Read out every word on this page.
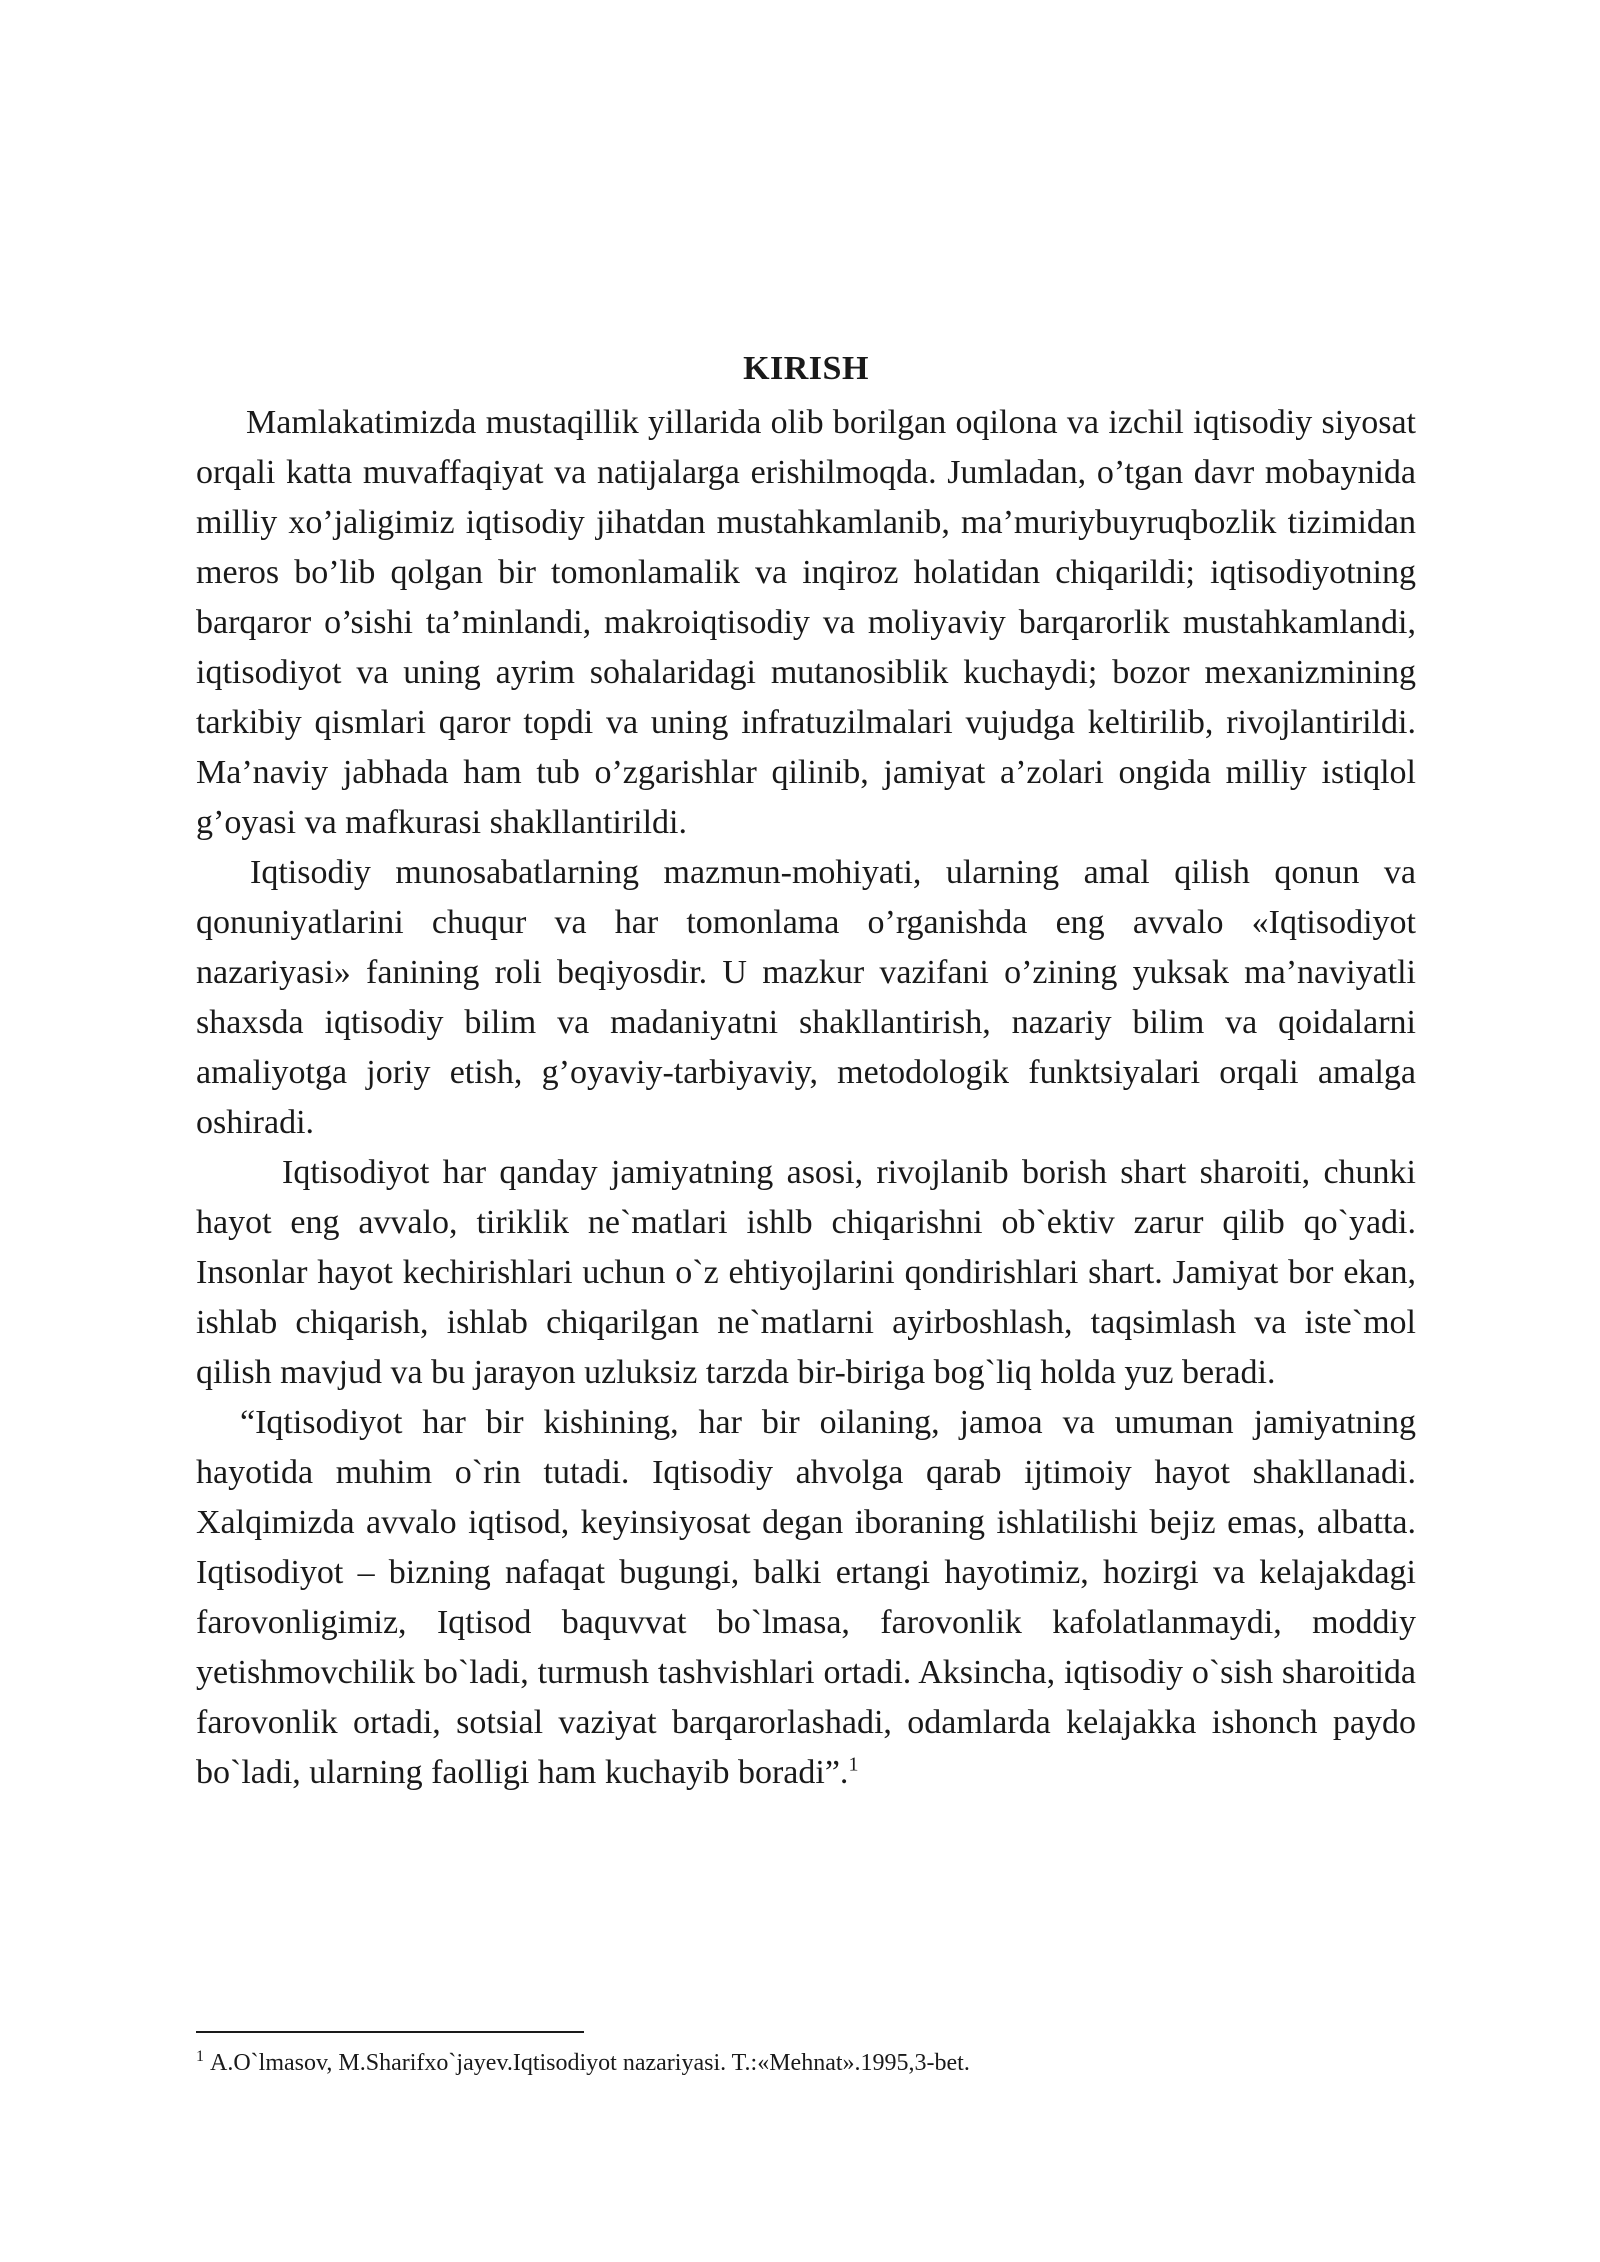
KIRISH

Mamlakatimizda mustaqillik yillarida olib borilgan oqilona va izchil iqtisodiy siyosat orqali katta muvaffaqiyat va natijalarga erishilmoqda. Jumladan, o’tgan davr mobaynida milliy xo’jaligimiz iqtisodiy jihatdan mustahkamlanib, ma’muriybuyruqbozlik tizimidan meros bo’lib qolgan bir tomonlamalik va inqiroz holatidan chiqarildi; iqtisodiyotning barqaror o’sishi ta’minlandi, makroiqtisodiy va moliyaviy barqarorlik mustahkamlandi, iqtisodiyot va uning ayrim sohalaridagi mutanosiblik kuchaydi; bozor mexanizmining tarkibiy qismlari qaror topdi va uning infratuzilmalari vujudga keltirilib, rivojlantirildi. Ma’naviy jabhada ham tub o’zgarishlar qilinib, jamiyat a’zolari ongida milliy istiqlol g’oyasi va mafkurasi shakllantirildi.

Iqtisodiy munosabatlarning mazmun-mohiyati, ularning amal qilish qonun va qonuniyatlarini chuqur va har tomonlama o’rganishda eng avvalo «Iqtisodiyot nazariyasi» fanining roli beqiyosdir. U mazkur vazifani o’zining yuksak ma’naviyatli shaxsda iqtisodiy bilim va madaniyatni shakllantirish, nazariy bilim va qoidalarni amaliyotga joriy etish, g’oyaviy-tarbiyaviy, metodologik funktsiyalari orqali amalga oshiradi.

Iqtisodiyot har qanday jamiyatning asosi, rivojlanib borish shart sharoiti, chunki hayot eng avvalo, tiriklik ne`matlari ishlb chiqarishni ob`ektiv zarur qilib qo`yadi. Insonlar hayot kechirishlari uchun o`z ehtiyojlarini qondirishlari shart. Jamiyat bor ekan, ishlab chiqarish, ishlab chiqarilgan ne`matlarni ayirboshlash, taqsimlash va iste`mol qilish mavjud va bu jarayon uzluksiz tarzda bir-biriga bog`liq holda yuz beradi.

“Iqtisodiyot har bir kishining, har bir oilaning, jamoa va umuman jamiyatning hayotida muhim o`rin tutadi. Iqtisodiy ahvolga qarab ijtimoiy hayot shakllanadi. Xalqimizda avvalo iqtisod, keyinsiyosat degan iboraning ishlatilishi bejiz emas, albatta. Iqtisodiyot – bizning nafaqat bugungi, balki ertangi hayotimiz, hozirgi va kelajakdagi farovonligimiz, Iqtisod baquvvat bo`lmasa, farovonlik kafolatlanmaydi, moddiy yetishmovchilik bo`ladi, turmush tashvishlari ortadi. Aksincha, iqtisodiy o`sish sharoitida farovonlik ortadi, sotsial vaziyat barqarorlashadi, odamlarda kelajakka ishonch paydo bo`ladi, ularning faolligi ham kuchayib boradi”.$^1$

$^1$ A.O`lmasov, M.Sharifxo`jayev.Iqtisodiyot nazariyasi. T.:«Mehnat».1995,3-bet.
